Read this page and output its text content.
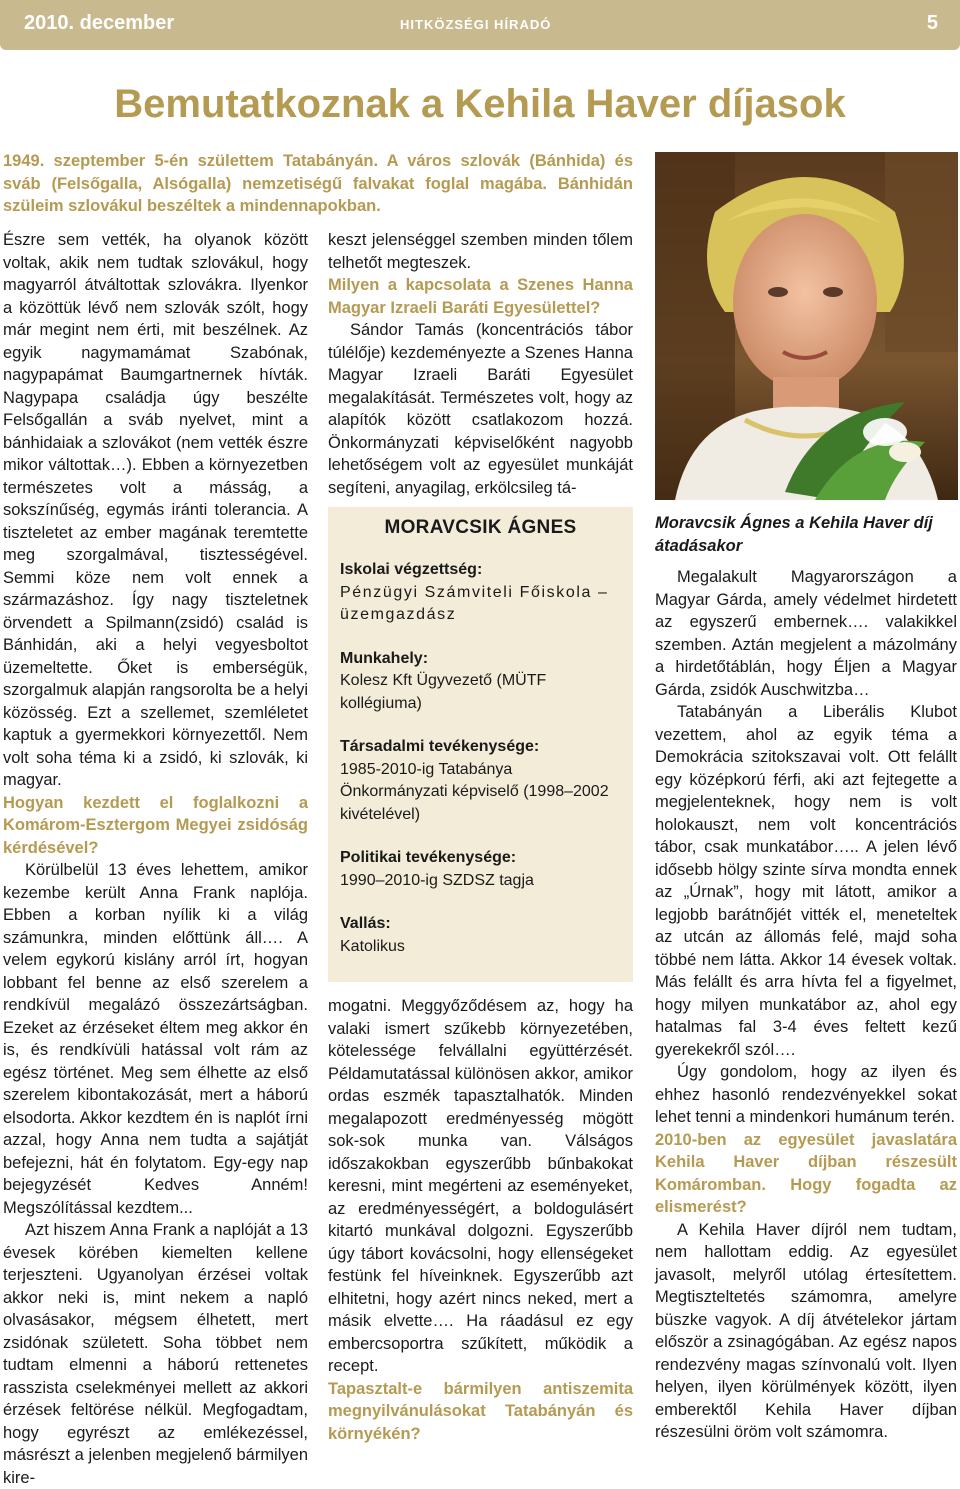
2010. december	HITKÖZSÉGI HÍRADÓ	5
Bemutatkoznak a Kehila Haver díjasok
1949. szeptember 5-én születtem Tatabányán. A város szlovák (Bánhida) és sváb (Felsőgalla, Alsógalla) nemzetiségű falvakat foglal magába. Bánhidán szüleim szlovákul beszéltek a mindennapokban.

Észre sem vették, ha olyanok között voltak, akik nem tudtak szlovákul, hogy magyarról átváltottak szlovákra. Ilyenkor a közöttük lévő nem szlovák szólt, hogy már megint nem érti, mit beszélnek. Az egyik nagymamámat Szabónak, nagypapámat Baumgartnernek hívták. Nagypapa családja úgy beszélte Felsőgallán a sváb nyelvet, mint a bánhidaiak a szlovákot (nem vették észre mikor váltottak…). Ebben a környezetben természetes volt a másság, a sokszínűség, egymás iránti tolerancia. A tiszteletet az ember magának teremtette meg szorgalmával, tisztességével. Semmi köze nem volt ennek a származáshoz. Így nagy tiszteletnek örvendett a Spilmann(zsidó) család is Bánhidán, aki a helyi vegyesboltot üzemeltette. Őket is emberségük, szorgalmuk alapján rangsorolta be a helyi közösség. Ezt a szellemet, szemléletet kaptuk a gyermekkori környezettől. Nem volt soha téma ki a zsidó, ki szlovák, ki magyar.

Hogyan kezdett el foglalkozni a Komárom-Esztergom Megyei zsidóság kérdésével?

Körülbelül 13 éves lehettem, amikor kezembe került Anna Frank naplója. Ebben a korban nyílik ki a világ számunkra, minden előttünk áll…. A velem egykorú kislány arról írt, hogyan lobbant fel benne az első szerelem a rendkívül megalázó összezártságban. Ezeket az érzéseket éltem meg akkor én is, és rendkívüli hatással volt rám az egész történet. Meg sem élhette az első szerelem kibontakozását, mert a háború elsodorta. Akkor kezdtem én is naplót írni azzal, hogy Anna nem tudta a sajátját befejezni, hát én folytatom. Egy-egy nap bejegyzését Kedves Anném! Megszólítással kezdtem...

Azt hiszem Anna Frank a naplóját a 13 évesek körében kiemelten kellene terjeszteni. Ugyanolyan érzései voltak akkor neki is, mint nekem a napló olvasásakor, mégsem élhetett, mert zsidónak született. Soha többet nem tudtam elmenni a háború rettenetes rasszista cselekményei mellett az akkori érzések feltörése nélkül. Megfogadtam, hogy egyrészt az emlékezéssel, másrészt a jelenben megjelenő bármilyen kire-

keszt jelenséggel szemben minden tőlem telhetőt megteszek.

Milyen a kapcsolata a Szenes Hanna Magyar Izraeli Baráti Egyesülettel?

Sándor Tamás (koncentrációs tábor túlélője) kezdeményezte a Szenes Hanna Magyar Izraeli Baráti Egyesület megalakítását. Természetes volt, hogy az alapítók között csatlakozom hozzá. Önkormányzati képviselőként nagyobb lehetőségem volt az egyesület munkáját segíteni, anyagilag, erkölcsileg tá-

MORAVCSIK ÁGNES
Iskolai végzettség:
Pénzügyi Számviteli Főiskola – üzemgazdász
Munkahely:
Kolesz Kft Ügyvezető (MÜTF kollégiuma)
Társadalmi tevékenysége:
1985-2010-ig Tatabánya Önkormányzati képviselő (1998–2002 kivételével)
Politikai tevékenysége:
1990–2010-ig SZDSZ tagja
Vallás:
Katolikus

mogatni. Meggyőződésem az, hogy ha valaki ismert szűkebb környezetében, kötelessége felvállalni együttérzését. Példamutatással különösen akkor, amikor ordas eszmék tapasztalhatók. Minden megalapozott eredményesség mögött sok-sok munka van. Válságos időszakokban egyszerűbb bűnbakokat keresni, mint megérteni az eseményeket, az eredményességért, a boldogulásért kitartó munkával dolgozni. Egyszerűbb úgy tábort kovácsolni, hogy ellenségeket festünk fel híveinknek. Egyszerűbb azt elhitetni, hogy azért nincs neked, mert a másik elvette…. Ha ráadásul ez egy embercsoportra szűkített, működik a recept.

Tapasztalt-e bármilyen antiszemita megnyilvánulásokat Tatabányán és környékén?

Moravcsik Ágnes a Kehila Haver díj átadásakor

Megalakult Magyarországon a Magyar Gárda, amely védelmet hirdetett az egyszerű embernek…. valakikkel szemben. Aztán megjelent a mázolmány a hirdetőtáblán, hogy Éljen a Magyar Gárda, zsidók Auschwitzba…

Tatabányán a Liberális Klubot vezettem, ahol az egyik téma a Demokrácia szitokszavai volt. Ott felállt egy középkorú férfi, aki azt fejtegette a megjelenteknek, hogy nem is volt holokauszt, nem volt koncentrációs tábor, csak munkatábor….. A jelen lévő idősebb hölgy szinte sírva mondta ennek az „Úrnak”, hogy mit látott, amikor a legjobb barátnőjét vitték el, meneteltek az utcán az állomás felé, majd soha többé nem látta. Akkor 14 évesek voltak. Más felállt és arra hívta fel a figyelmet, hogy milyen munkatábor az, ahol egy hatalmas fal 3-4 éves feltett kezű gyerekekről szól….

Úgy gondolom, hogy az ilyen és ehhez hasonló rendezvényekkel sokat lehet tenni a mindenkori humánum terén.

2010-ben az egyesület javaslatára Kehila Haver díjban részesült Komáromban. Hogy fogadta az elismerést?

A Kehila Haver díjról nem tudtam, nem hallottam eddig. Az egyesület javasolt, melyről utólag értesítettem. Megtiszteltetés számomra, amelyre büszke vagyok. A díj átvételekor jártam először a zsinagógában. Az egész napos rendezvény magas színvonalú volt. Ilyen helyen, ilyen körülmények között, ilyen emberektől Kehila Haver díjban részesülni öröm volt számomra.
